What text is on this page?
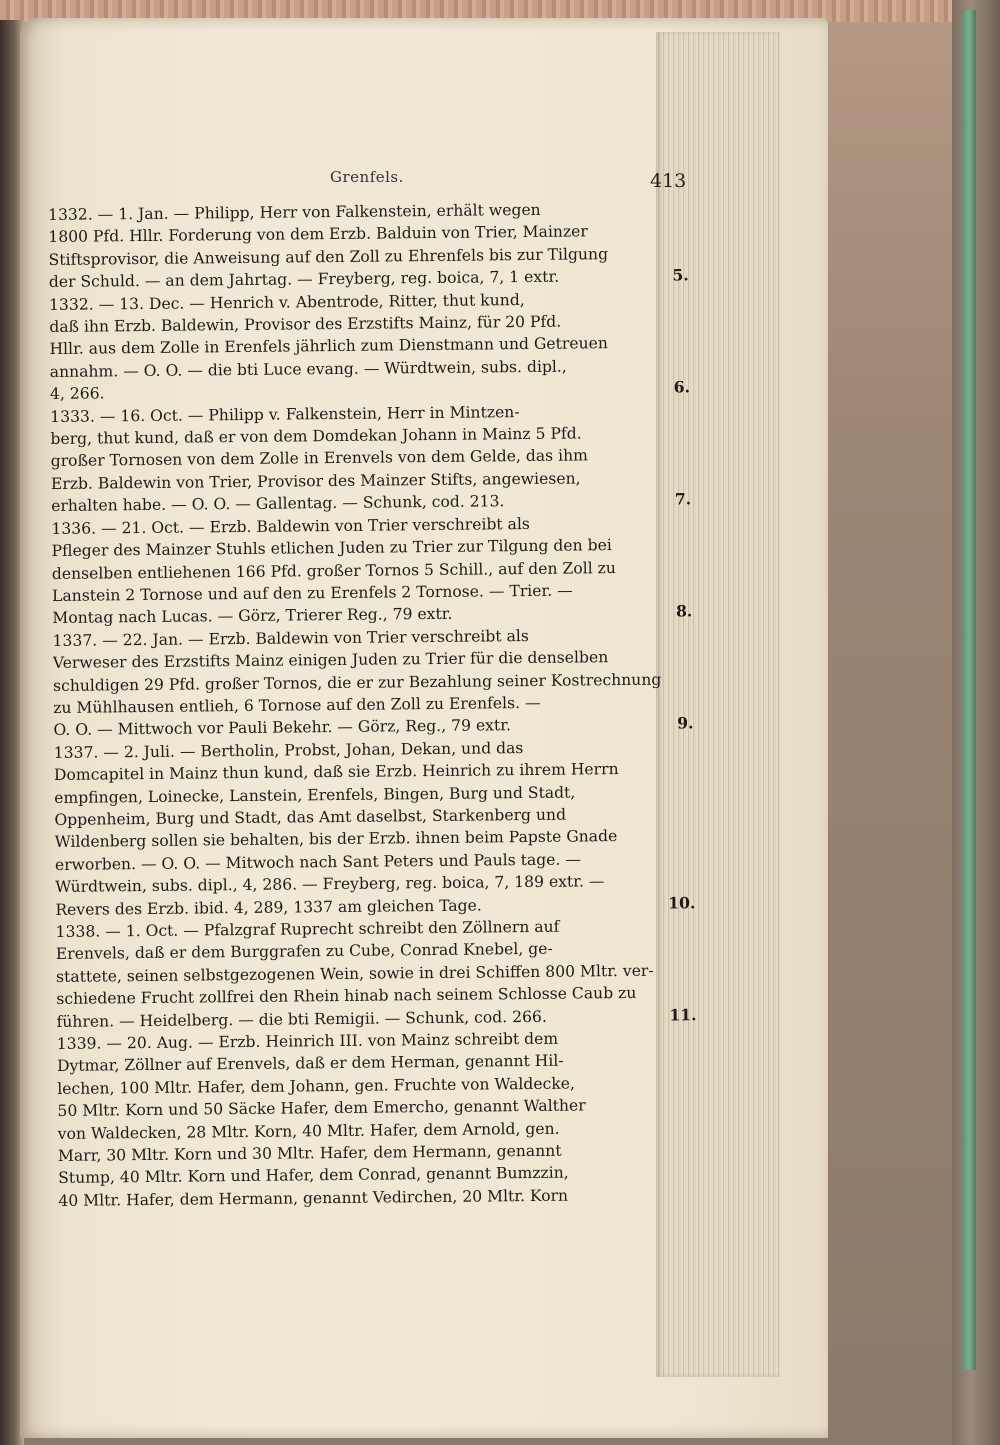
Grenfels.	413
1332. — 1. Jan. — Philipp, Herr von Falkenstein, erhält wegen
1800 Pfd. Hllr. Forderung von dem Erzb. Balduin von Trier, Mainzer
Stiftsprovisor, die Anweisung auf den Zoll zu Ehrenfels bis zur Tilgung
der Schuld. — an dem Jahrtag. — Freyberg, reg. boica, 7, 1 extr.	5.
1332. — 13. Dec. — Henrich v. Abentrode, Ritter, thut kund,
daß ihn Erzb. Baldewin, Provisor des Erzstifts Mainz, für 20 Pfd.
Hllr. aus dem Zolle in Erenfels jährlich zum Dienstmann und Getreuen
annahm. — O. O. — die bti Luce evang. — Würdtwein, subs. dipl.,
4, 266.	6.
1333. — 16. Oct. — Philipp v. Falkenstein, Herr in Mintzen-
berg, thut kund, daß er von dem Domdekan Johann in Mainz 5 Pfd.
großer Tornosen von dem Zolle in Erenvels von dem Gelde, das ihm
Erzb. Baldewin von Trier, Provisor des Mainzer Stifts, angewiesen,
erhalten habe. — O. O. — Gallentag. — Schunk, cod. 213.	7.
1336. — 21. Oct. — Erzb. Baldewin von Trier verschreibt als
Pfleger des Mainzer Stuhls etlichen Juden zu Trier zur Tilgung den bei
denselben entliehenen 166 Pfd. großer Tornos 5 Schill., auf den Zoll zu
Lanstein 2 Tornose und auf den zu Erenfels 2 Tornose. — Trier. —
Montag nach Lucas. — Görz, Trierer Reg., 79 extr.	8.
1337. — 22. Jan. — Erzb. Baldewin von Trier verschreibt als
Verweser des Erzstifts Mainz einigen Juden zu Trier für die denselben
schuldigen 29 Pfd. großer Tornos, die er zur Bezahlung seiner Kostrechnung
zu Mühlhausen entlieh, 6 Tornose auf den Zoll zu Erenfels. —
O. O. — Mittwoch vor Pauli Bekehr. — Görz, Reg., 79 extr.	9.
1337. — 2. Juli. — Bertholin, Probst, Johan, Dekan, und das
Domcapitel in Mainz thun kund, daß sie Erzb. Heinrich zu ihrem Herrn
empfingen, Loinecke, Lanstein, Erenfels, Bingen, Burg und Stadt,
Oppenheim, Burg und Stadt, das Amt daselbst, Starkenberg und
Wildenberg sollen sie behalten, bis der Erzb. ihnen beim Papste Gnade
erworben. — O. O. — Mitwoch nach Sant Peters und Pauls tage. —
Würdtwein, subs. dipl., 4, 286. — Freyberg, reg. boica, 7, 189 extr. —
Revers des Erzb. ibid. 4, 289, 1337 am gleichen Tage.	10.
1338. — 1. Oct. — Pfalzgraf Ruprecht schreibt den Zöllnern auf
Erenvels, daß er dem Burggrafen zu Cube, Conrad Knebel, ge-
stattete, seinen selbstgezogenen Wein, sowie in drei Schiffen 800 Mltr. ver-
schiedene Frucht zollfrei den Rhein hinab nach seinem Schlosse Caub zu
führen. — Heidelberg. — die bti Remigii. — Schunk, cod. 266.	11.
1339. — 20. Aug. — Erzb. Heinrich III. von Mainz schreibt dem
Dytmar, Zöllner auf Erenvels, daß er dem Herman, genannt Hil-
lechen, 100 Mltr. Hafer, dem Johann, gen. Fruchte von Waldecke,
50 Mltr. Korn und 50 Säcke Hafer, dem Emercho, genannt Walther
von Waldecken, 28 Mltr. Korn, 40 Mltr. Hafer, dem Arnold, gen.
Marr, 30 Mltr. Korn und 30 Mltr. Hafer, dem Hermann, genannt
Stump, 40 Mltr. Korn und Hafer, dem Conrad, genannt Bumzzin,
40 Mltr. Hafer, dem Hermann, genannt Vedirchen, 20 Mltr. Korn
